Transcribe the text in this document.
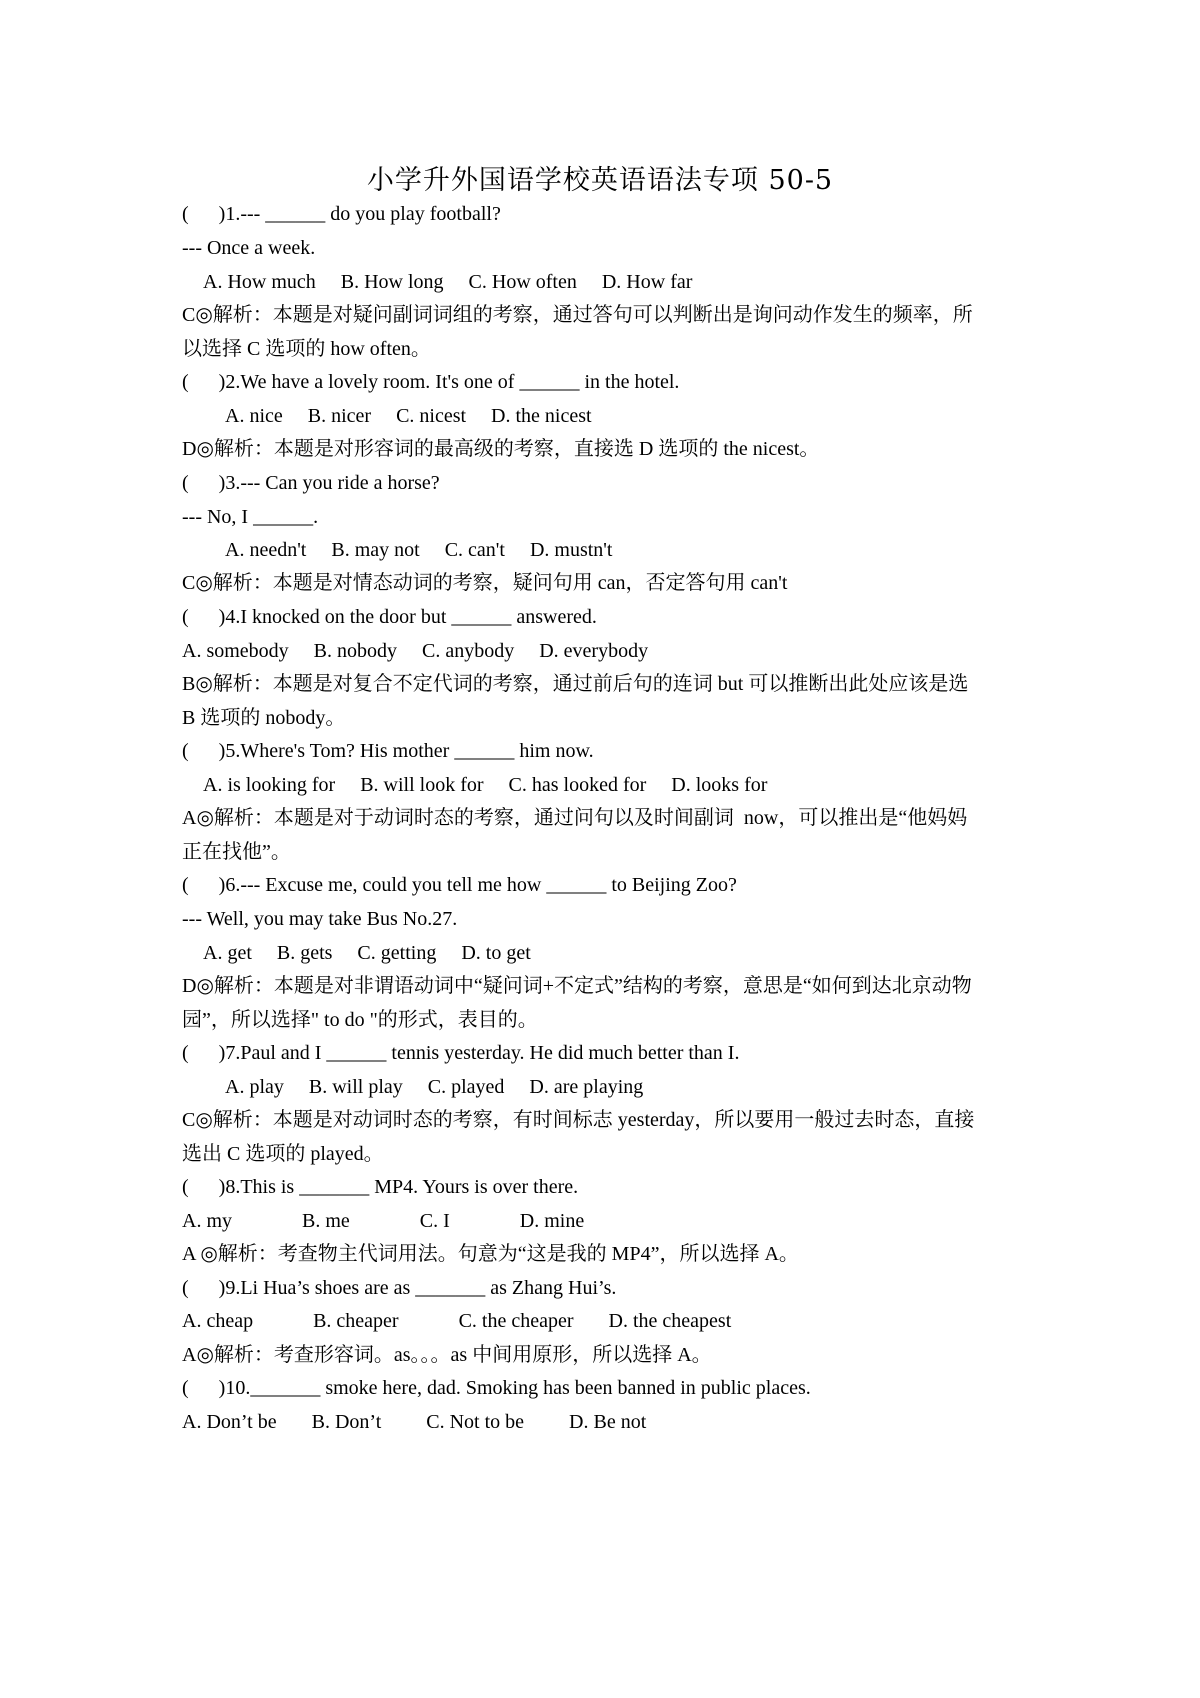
小学升外国语学校英语语法专项 50-5
(      )1.--- ______ do you play football?
--- Once a week.
A. How much     B. How long     C. How often     D. How far
C◎解析：本题是对疑问副词词组的考察，通过答句可以判断出是询问动作发生的频率，所
以选择 C 选项的 how often。
(      )2.We have a lovely room. It's one of ______ in the hotel.
A. nice     B. nicer     C. nicest     D. the nicest
D◎解析：本题是对形容词的最高级的考察，直接选 D 选项的 the nicest。
(      )3.--- Can you ride a horse?
--- No, I ______.
A. needn't     B. may not     C. can't     D. mustn't
C◎解析：本题是对情态动词的考察，疑问句用 can，否定答句用 can't
(      )4.I knocked on the door but ______ answered.
A. somebody     B. nobody     C. anybody     D. everybody
B◎解析：本题是对复合不定代词的考察，通过前后句的连词 but 可以推断出此处应该是选
B 选项的 nobody。
(      )5.Where's Tom? His mother ______ him now.
A. is looking for     B. will look for     C. has looked for     D. looks for
A◎解析：本题是对于动词时态的考察，通过问句以及时间副词  now，可以推出是“他妈妈
正在找他”。
(      )6.--- Excuse me, could you tell me how ______ to Beijing Zoo?
--- Well, you may take Bus No.27.
A. get     B. gets     C. getting     D. to get
D◎解析：本题是对非谓语动词中“疑问词+不定式”结构的考察，意思是“如何到达北京动物
园”，所以选择" to do "的形式，表目的。
(      )7.Paul and I ______ tennis yesterday. He did much better than I.
A. play     B. will play     C. played     D. are playing
C◎解析：本题是对动词时态的考察，有时间标志 yesterday，所以要用一般过去时态，直接
选出 C 选项的 played。
(      )8.This is _______ MP4. Yours is over there.
A. my              B. me              C. I              D. mine
A ◎解析：考查物主代词用法。句意为“这是我的 MP4”，所以选择 A。
(      )9.Li Hua’s shoes are as _______ as Zhang Hui’s.
A. cheap            B. cheaper            C. the cheaper       D. the cheapest
A◎解析：考查形容词。as。。。as 中间用原形，所以选择 A。
(      )10._______ smoke here, dad. Smoking has been banned in public places.
A. Don’t be       B. Don’t         C. Not to be         D. Be not
